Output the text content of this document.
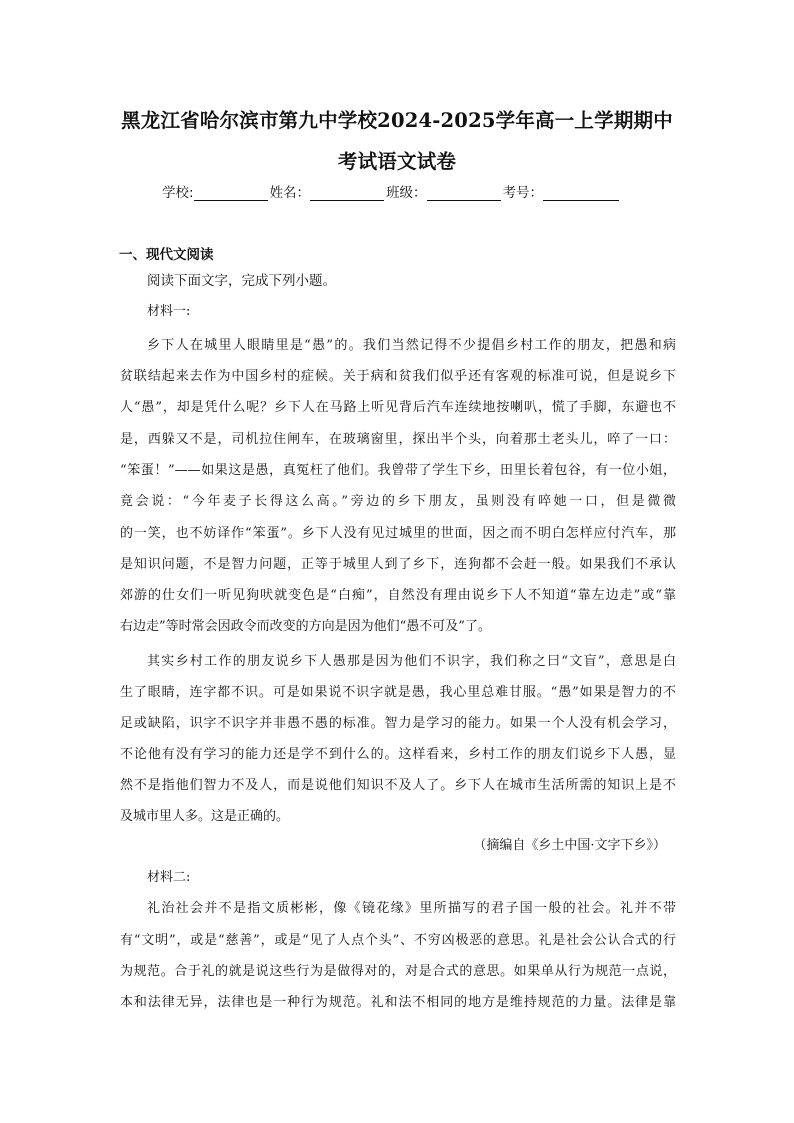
黑龙江省哈尔滨市第九中学校2024-2025学年高一上学期期中
考试语文试卷
学校:	姓名：	班级：	考号：
一、现代文阅读
阅读下面文字，完成下列小题。
材料一:
乡下人在城里人眼睛里是“愚”的。我们当然记得不少提倡乡村工作的朋友，把愚和病
贫联结起来去作为中国乡村的症候。关于病和贫我们似乎还有客观的标准可说，但是说乡下
人“愚”，却是凭什么呢？乡下人在马路上听见背后汽车连续地按喇叭，慌了手脚，东避也不
是，西躲又不是，司机拉住闸车，在玻璃窗里，探出半个头，向着那土老头儿，啐了一口：
“笨蛋！”——如果这是愚，真冤枉了他们。我曾带了学生下乡，田里长着包谷，有一位小姐，
竟会说：“今年麦子长得这么高。”旁边的乡下朋友，虽则没有啐她一口，但是微微
的一笑，也不妨译作“笨蛋”。乡下人没有见过城里的世面，因之而不明白怎样应付汽车，那
是知识问题，不是智力问题，正等于城里人到了乡下，连狗都不会赶一般。如果我们不承认
郊游的仕女们一听见狗吠就变色是“白痴”，自然没有理由说乡下人不知道“靠左边走”或“靠
右边走”等时常会因政令而改变的方向是因为他们“愚不可及”了。
其实乡村工作的朋友说乡下人愚那是因为他们不识字，我们称之曰“文盲”，意思是白
生了眼睛，连字都不识。可是如果说不识字就是愚，我心里总难甘服。“愚”如果是智力的不
足或缺陷，识字不识字并非愚不愚的标准。智力是学习的能力。如果一个人没有机会学习，
不论他有没有学习的能力还是学不到什么的。这样看来，乡村工作的朋友们说乡下人愚，显
然不是指他们智力不及人，而是说他们知识不及人了。乡下人在城市生活所需的知识上是不
及城市里人多。这是正确的。
（摘编自《乡土中国·文字下乡》）
材料二:
礼治社会并不是指文质彬彬，像《镜花缘》里所描写的君子国一般的社会。礼并不带
有“文明”，或是“慈善”，或是“见了人点个头”、不穷凶极恶的意思。礼是社会公认合式的行
为规范。合于礼的就是说这些行为是做得对的，对是合式的意思。如果单从行为规范一点说，
本和法律无异，法律也是一种行为规范。礼和法不相同的地方是维持规范的力量。法律是靠
